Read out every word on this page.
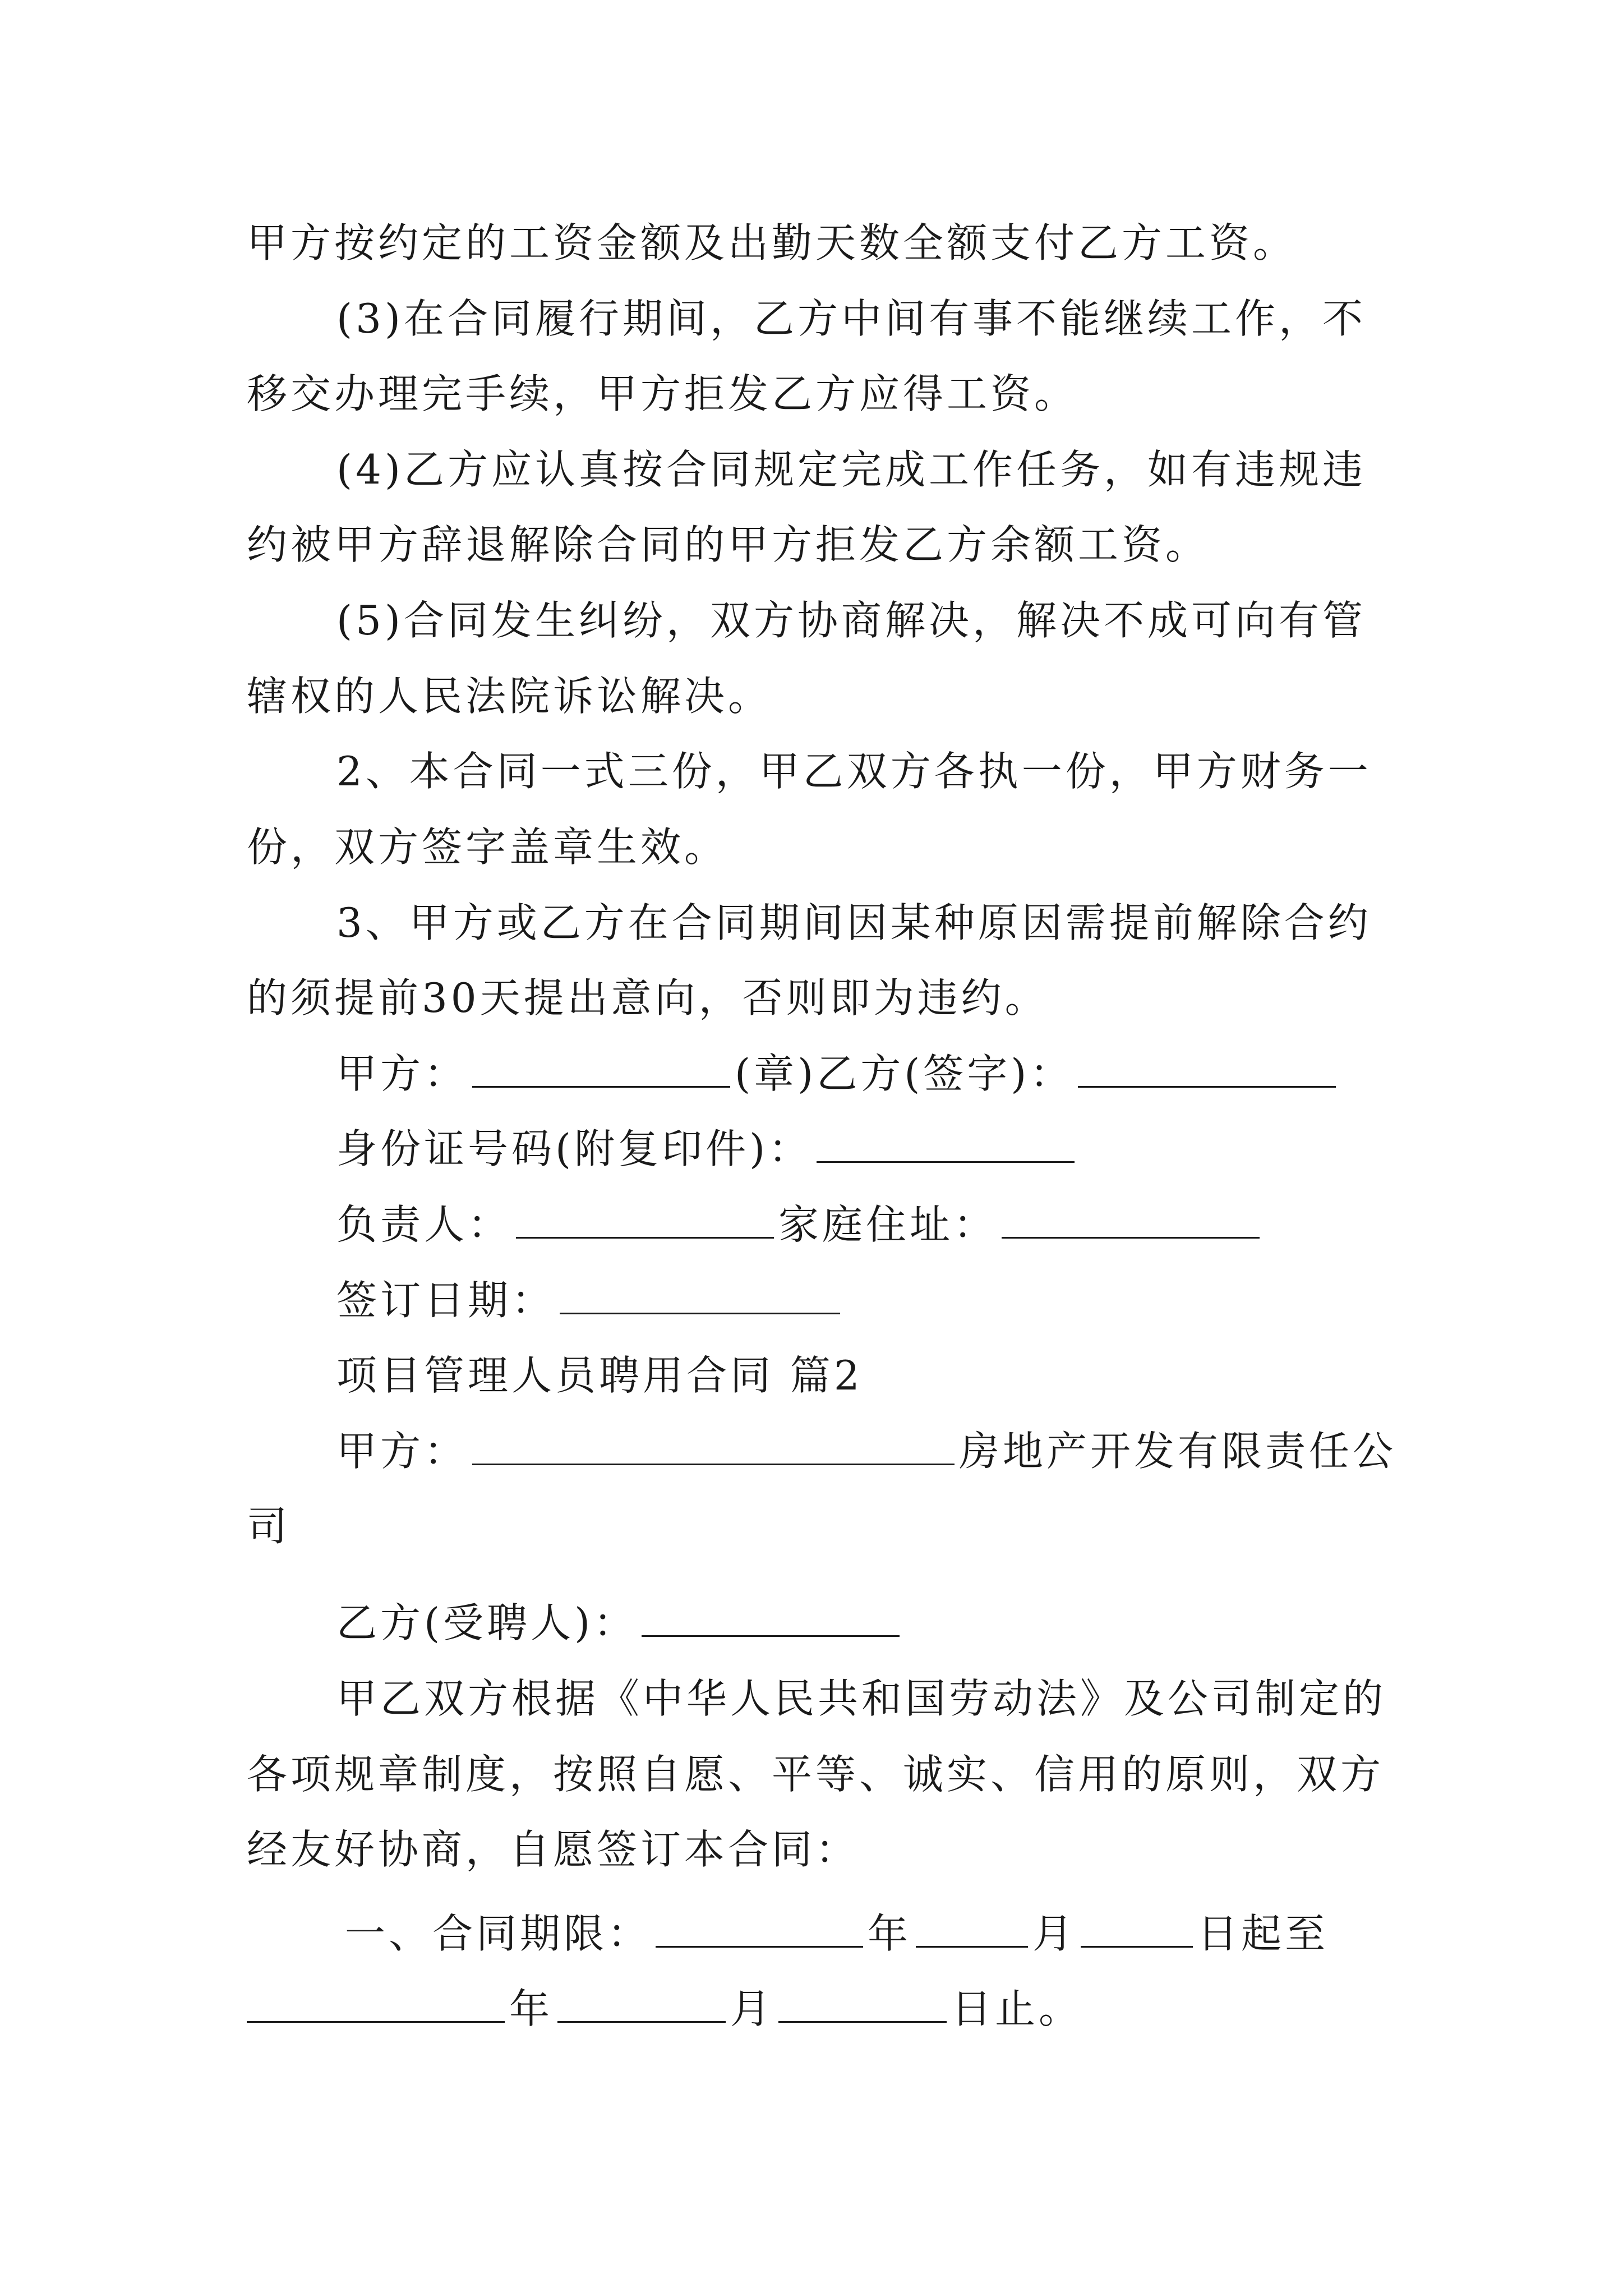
甲方按约定的工资金额及出勤天数全额支付乙方工资。
(3)在合同履行期间，乙方中间有事不能继续工作，不
移交办理完手续，甲方拒发乙方应得工资。
(4)乙方应认真按合同规定完成工作任务，如有违规违
约被甲方辞退解除合同的甲方拒发乙方余额工资。
(5)合同发生纠纷，双方协商解决，解决不成可向有管
辖权的人民法院诉讼解决。
2、本合同一式三份，甲乙双方各执一份，甲方财务一
份，双方签字盖章生效。
3、甲方或乙方在合同期间因某种原因需提前解除合约
的须提前30天提出意向，否则即为违约。
甲方：	(章)乙方(签字)：
身份证号码(附复印件)：
负责人：	家庭住址：
签订日期：
项目管理人员聘用合同 篇2
甲方：	房地产开发有限责任公
司
乙方(受聘人)：
甲乙双方根据《中华人民共和国劳动法》及公司制定的
各项规章制度，按照自愿、平等、诚实、信用的原则，双方
经友好协商，自愿签订本合同：
一、合同期限：	年	月	日起至
年	月	日止。
